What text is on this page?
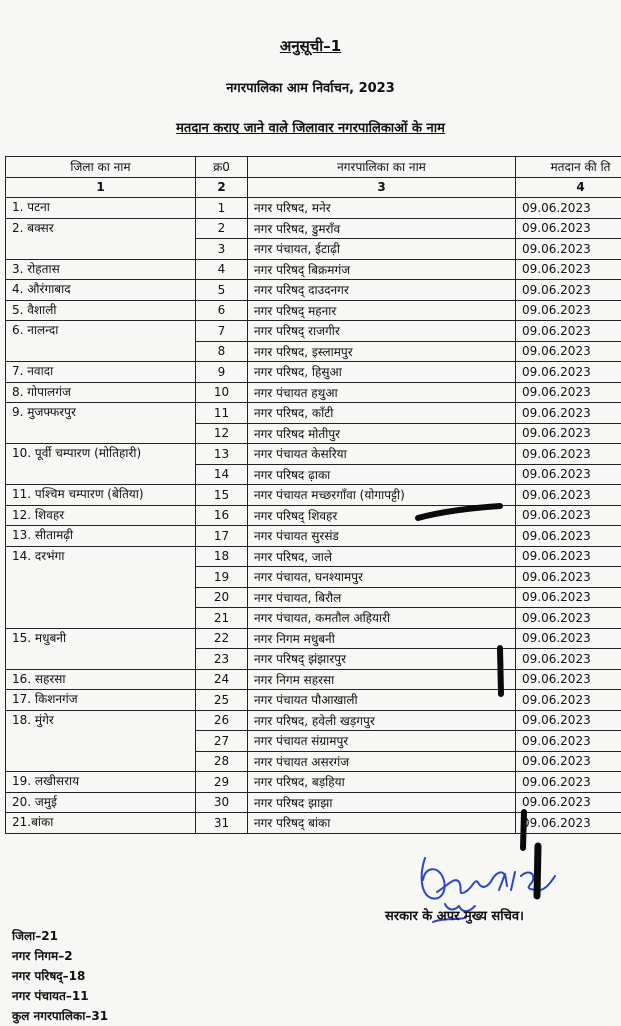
अनुसूची–1
नगरपालिका आम निर्वाचन, 2023
मतदान कराए जाने वाले जिलावार नगरपालिकाओं के नाम
जिला का नाम	क्र0	नगरपालिका का नाम	मतदान की ति
1	2	3	4
1. पटना	1	नगर परिषद, मनेर	09.06.2023
2. बक्सर	2	नगर परिषद, डुमराँव	09.06.2023
	3	नगर पंचायत, ईटाढ़ी	09.06.2023
3. रोहतास	4	नगर परिषद् बिक्रमगंज	09.06.2023
4. औरंगाबाद	5	नगर परिषद् दाउदनगर	09.06.2023
5. वैशाली	6	नगर परिषद् महनार	09.06.2023
6. नालन्दा	7	नगर परिषद् राजगीर	09.06.2023
	8	नगर परिषद, इस्लामपुर	09.06.2023
7. नवादा	9	नगर परिषद, हिसुआ	09.06.2023
8. गोपालगंज	10	नगर पंचायत हथुआ	09.06.2023
9. मुजफ्फरपुर	11	नगर परिषद, काँटी	09.06.2023
	12	नगर परिषद मोतीपुर	09.06.2023
10. पूर्वी चम्पारण (मोतिहारी)	13	नगर पंचायत केसरिया	09.06.2023
	14	नगर परिषद ढ़ाका	09.06.2023
11. पश्चिम चम्पारण (बेतिया)	15	नगर पंचायत मच्छरगाँवा (योगापट्टी)	09.06.2023
12. शिवहर	16	नगर परिषद् शिवहर	09.06.2023
13. सीतामढ़ी	17	नगर पंचायत सुरसंड	09.06.2023
14. दरभंगा	18	नगर परिषद, जाले	09.06.2023
	19	नगर पंचायत, घनश्यामपुर	09.06.2023
	20	नगर पंचायत, बिरौल	09.06.2023
	21	नगर पंचायत, कमतौल अहियारी	09.06.2023
15. मधुबनी	22	नगर निगम मधुबनी	09.06.2023
	23	नगर परिषद् झंझारपुर	09.06.2023
16. सहरसा	24	नगर निगम सहरसा	09.06.2023
17. किशनगंज	25	नगर पंचायत पौआखाली	09.06.2023
18. मुंगेर	26	नगर परिषद, हवेली खड़गपुर	09.06.2023
	27	नगर पंचायत संग्रामपुर	09.06.2023
	28	नगर पंचायत असरगंज	09.06.2023
19. लखीसराय	29	नगर परिषद, बड़हिया	09.06.2023
20. जमुई	30	नगर परिषद झाझा	09.06.2023
21.बांका	31	नगर परिषद् बांका	09.06.2023
सरकार के अपर मुख्य सचिव।
जिला–21
नगर निगम–2
नगर परिषद्–18
नगर पंचायत–11
कुल नगरपालिका–31
